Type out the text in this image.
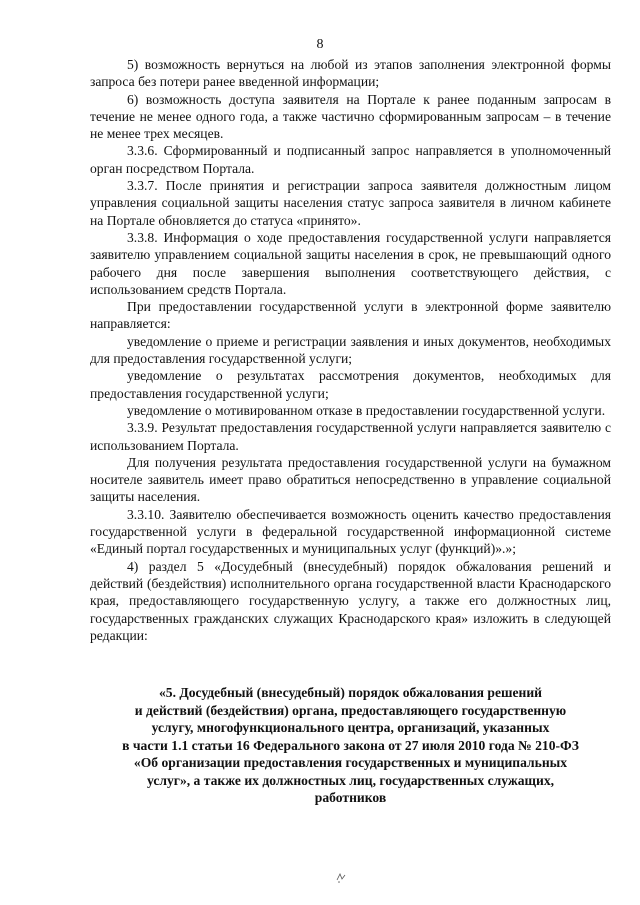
8

5) возможность вернуться на любой из этапов заполнения электронной формы запроса без потери ранее введенной информации;

6) возможность доступа заявителя на Портале к ранее поданным запросам в течение не менее одного года, а также частично сформированным запросам – в течение не менее трех месяцев.

3.3.6. Сформированный и подписанный запрос направляется в уполномоченный орган посредством Портала.

3.3.7. После принятия и регистрации запроса заявителя должностным лицом управления социальной защиты населения статус запроса заявителя в личном кабинете на Портале обновляется до статуса «принято».

3.3.8. Информация о ходе предоставления государственной услуги направляется заявителю управлением социальной защиты населения в срок, не превышающий одного рабочего дня после завершения выполнения соответствующего действия, с использованием средств Портала.

При предоставлении государственной услуги в электронной форме заявителю направляется:

уведомление о приеме и регистрации заявления и иных документов, необходимых для предоставления государственной услуги;

уведомление о результатах рассмотрения документов, необходимых для предоставления государственной услуги;

уведомление о мотивированном отказе в предоставлении государственной услуги.

3.3.9. Результат предоставления государственной услуги направляется заявителю с использованием Портала.

Для получения результата предоставления государственной услуги на бумажном носителе заявитель имеет право обратиться непосредственно в управление социальной защиты населения.

3.3.10. Заявителю обеспечивается возможность оценить качество предоставления государственной услуги в федеральной государственной информационной системе «Единый портал государственных и муниципальных услуг (функций)».»;

4) раздел 5 «Досудебный (внесудебный) порядок обжалования решений и действий (бездействия) исполнительного органа государственной власти Краснодарского края, предоставляющего государственную услугу, а также его должностных лиц, государственных гражданских служащих Краснодарского края» изложить в следующей редакции:

«5. Досудебный (внесудебный) порядок обжалования решений

и действий (бездействия) органа, предоставляющего государственную

услугу, многофункционального центра, организаций, указанных

в части 1.1 статьи 16 Федерального закона от 27 июля 2010 года № 210-ФЗ

«Об организации предоставления государственных и муниципальных

услуг», а также их должностных лиц, государственных служащих,

работников
